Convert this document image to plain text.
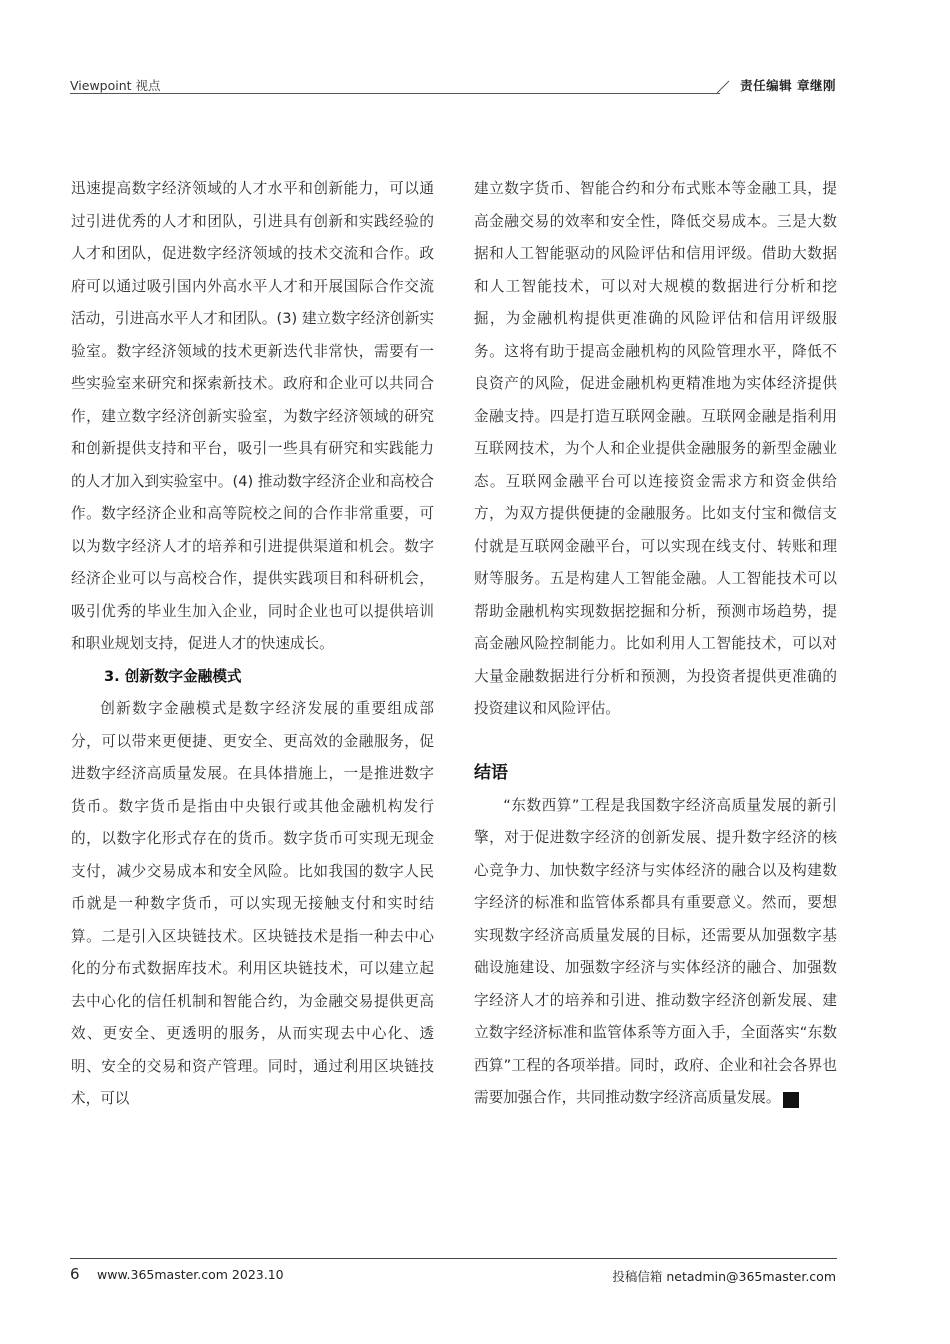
Viewpoint 视点	责任编辑 章继刚

迅速提高数字经济领域的人才水平和创新能力，可以通过引进优秀的人才和团队，引进具有创新和实践经验的人才和团队，促进数字经济领域的技术交流和合作。政府可以通过吸引国内外高水平人才和开展国际合作交流活动，引进高水平人才和团队。(3) 建立数字经济创新实验室。数字经济领域的技术更新迭代非常快，需要有一些实验室来研究和探索新技术。政府和企业可以共同合作，建立数字经济创新实验室，为数字经济领域的研究和创新提供支持和平台，吸引一些具有研究和实践能力的人才加入到实验室中。(4) 推动数字经济企业和高校合作。数字经济企业和高等院校之间的合作非常重要，可以为数字经济人才的培养和引进提供渠道和机会。数字经济企业可以与高校合作，提供实践项目和科研机会，吸引优秀的毕业生加入企业，同时企业也可以提供培训和职业规划支持，促进人才的快速成长。

3. 创新数字金融模式

创新数字金融模式是数字经济发展的重要组成部分，可以带来更便捷、更安全、更高效的金融服务，促进数字经济高质量发展。在具体措施上，一是推进数字货币。数字货币是指由中央银行或其他金融机构发行的，以数字化形式存在的货币。数字货币可实现无现金支付，减少交易成本和安全风险。比如我国的数字人民币就是一种数字货币，可以实现无接触支付和实时结算。二是引入区块链技术。区块链技术是指一种去中心化的分布式数据库技术。利用区块链技术，可以建立起去中心化的信任机制和智能合约，为金融交易提供更高效、更安全、更透明的服务，从而实现去中心化、透明、安全的交易和资产管理。同时，通过利用区块链技术，可以

建立数字货币、智能合约和分布式账本等金融工具，提高金融交易的效率和安全性，降低交易成本。三是大数据和人工智能驱动的风险评估和信用评级。借助大数据和人工智能技术，可以对大规模的数据进行分析和挖掘，为金融机构提供更准确的风险评估和信用评级服务。这将有助于提高金融机构的风险管理水平，降低不良资产的风险，促进金融机构更精准地为实体经济提供金融支持。四是打造互联网金融。互联网金融是指利用互联网技术，为个人和企业提供金融服务的新型金融业态。互联网金融平台可以连接资金需求方和资金供给方，为双方提供便捷的金融服务。比如支付宝和微信支付就是互联网金融平台，可以实现在线支付、转账和理财等服务。五是构建人工智能金融。人工智能技术可以帮助金融机构实现数据挖掘和分析，预测市场趋势，提高金融风险控制能力。比如利用人工智能技术，可以对大量金融数据进行分析和预测，为投资者提供更准确的投资建议和风险评估。

结语

“东数西算”工程是我国数字经济高质量发展的新引擎，对于促进数字经济的创新发展、提升数字经济的核心竞争力、加快数字经济与实体经济的融合以及构建数字经济的标准和监管体系都具有重要意义。然而，要想实现数字经济高质量发展的目标，还需要从加强数字基础设施建设、加强数字经济与实体经济的融合、加强数字经济人才的培养和引进、推动数字经济创新发展、建立数字经济标准和监管体系等方面入手，全面落实“东数西算”工程的各项举措。同时，政府、企业和社会各界也需要加强合作，共同推动数字经济高质量发展。	N

6 www.365master.com 2023.10	投稿信箱 netadmin@365master.com
